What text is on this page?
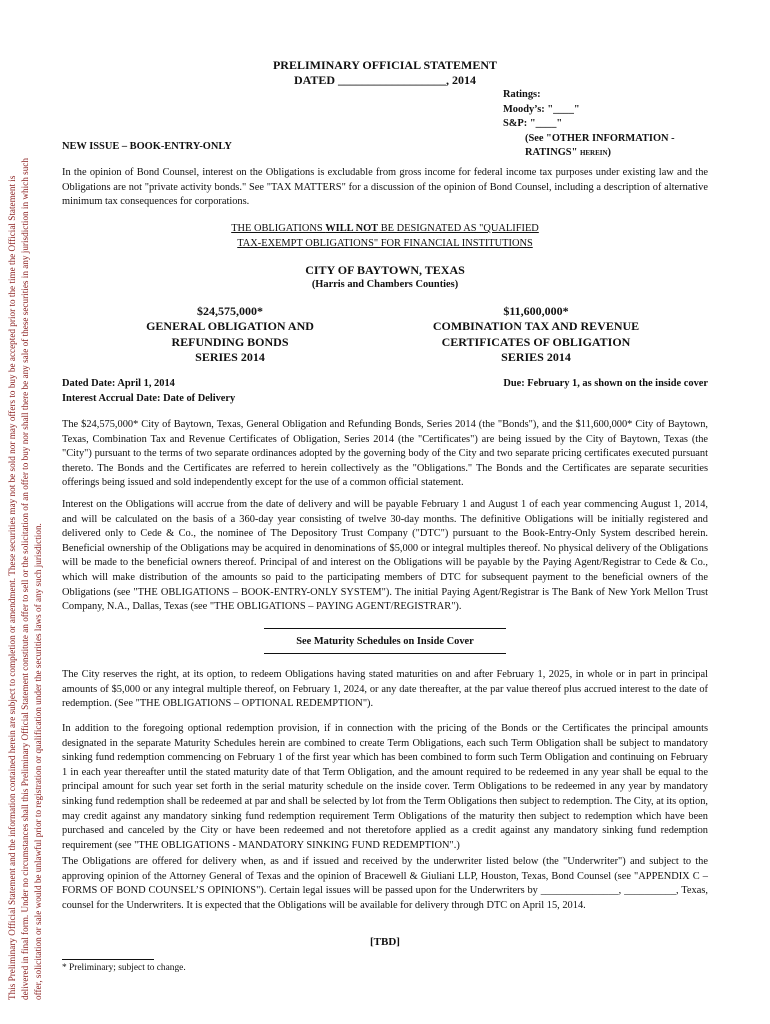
This Preliminary Official Statement and the information contained herein are subject to completion or amendment. These securities may not be sold nor may offers to buy be accepted prior to the time the Official Statement is delivered in final form. Under no circumstances shall this Preliminary Official Statement constitute an offer to sell or the solicitation of an offer to buy nor shall there be any sale of these securities in any jurisdiction in which such offer, solicitation or sale would be unlawful prior to registration or qualification under the securities laws of any such jurisdiction.
PRELIMINARY OFFICIAL STATEMENT
DATED __________________, 2014
Ratings:
Moody’s: "____"
S&P: "____"
(See "OTHER INFORMATION -
RATINGS" herein)
NEW ISSUE – BOOK-ENTRY-ONLY
In the opinion of Bond Counsel, interest on the Obligations is excludable from gross income for federal income tax purposes under existing law and the Obligations are not "private activity bonds." See "TAX MATTERS" for a discussion of the opinion of Bond Counsel, including a description of alternative minimum tax consequences for corporations.
THE OBLIGATIONS WILL NOT BE DESIGNATED AS "QUALIFIED
TAX-EXEMPT OBLIGATIONS" FOR FINANCIAL INSTITUTIONS
CITY OF BAYTOWN, TEXAS
(Harris and Chambers Counties)
$24,575,000*
GENERAL OBLIGATION AND
REFUNDING BONDS
SERIES 2014
$11,600,000*
COMBINATION TAX AND REVENUE
CERTIFICATES OF OBLIGATION
SERIES 2014
Dated Date: April 1, 2014
Interest Accrual Date: Date of Delivery
Due: February 1, as shown on the inside cover
The $24,575,000* City of Baytown, Texas, General Obligation and Refunding Bonds, Series 2014 (the "Bonds"), and the $11,600,000* City of Baytown, Texas, Combination Tax and Revenue Certificates of Obligation, Series 2014 (the "Certificates") are being issued by the City of Baytown, Texas (the "City") pursuant to the terms of two separate ordinances adopted by the governing body of the City and two separate pricing certificates executed pursuant thereto. The Bonds and the Certificates are referred to herein collectively as the "Obligations." The Bonds and the Certificates are separate securities offerings being issued and sold independently except for the use of a common official statement.
Interest on the Obligations will accrue from the date of delivery and will be payable February 1 and August 1 of each year commencing August 1, 2014, and will be calculated on the basis of a 360-day year consisting of twelve 30-day months. The definitive Obligations will be initially registered and delivered only to Cede & Co., the nominee of The Depository Trust Company ("DTC") pursuant to the Book-Entry-Only System described herein. Beneficial ownership of the Obligations may be acquired in denominations of $5,000 or integral multiples thereof. No physical delivery of the Obligations will be made to the beneficial owners thereof. Principal of and interest on the Obligations will be payable by the Paying Agent/Registrar to Cede & Co., which will make distribution of the amounts so paid to the participating members of DTC for subsequent payment to the beneficial owners of the Obligations (see "THE OBLIGATIONS – BOOK-ENTRY-ONLY SYSTEM"). The initial Paying Agent/Registrar is The Bank of New York Mellon Trust Company, N.A., Dallas, Texas (see "THE OBLIGATIONS – PAYING AGENT/REGISTRAR").
See Maturity Schedules on Inside Cover
The City reserves the right, at its option, to redeem Obligations having stated maturities on and after February 1, 2025, in whole or in part in principal amounts of $5,000 or any integral multiple thereof, on February 1, 2024, or any date thereafter, at the par value thereof plus accrued interest to the date of redemption. (See "THE OBLIGATIONS – OPTIONAL REDEMPTION").
In addition to the foregoing optional redemption provision, if in connection with the pricing of the Bonds or the Certificates the principal amounts designated in the separate Maturity Schedules herein are combined to create Term Obligations, each such Term Obligation shall be subject to mandatory sinking fund redemption commencing on February 1 of the first year which has been combined to form such Term Obligation and continuing on February 1 in each year thereafter until the stated maturity date of that Term Obligation, and the amount required to be redeemed in any year shall be equal to the principal amount for such year set forth in the serial maturity schedule on the inside cover. Term Obligations to be redeemed in any year by mandatory sinking fund redemption shall be redeemed at par and shall be selected by lot from the Term Obligations then subject to redemption. The City, at its option, may credit against any mandatory sinking fund redemption requirement Term Obligations of the maturity then subject to redemption which have been purchased and canceled by the City or have been redeemed and not theretofore applied as a credit against any mandatory sinking fund redemption requirement (see "THE OBLIGATIONS - MANDATORY SINKING FUND REDEMPTION".)
The Obligations are offered for delivery when, as and if issued and received by the underwriter listed below (the "Underwriter") and subject to the approving opinion of the Attorney General of Texas and the opinion of Bracewell & Giuliani LLP, Houston, Texas, Bond Counsel (see "APPENDIX C – FORMS OF BOND COUNSEL’S OPINIONS"). Certain legal issues will be passed upon for the Underwriters by _______________, __________, Texas, counsel for the Underwriters. It is expected that the Obligations will be available for delivery through DTC on April 15, 2014.
[TBD]
* Preliminary; subject to change.
